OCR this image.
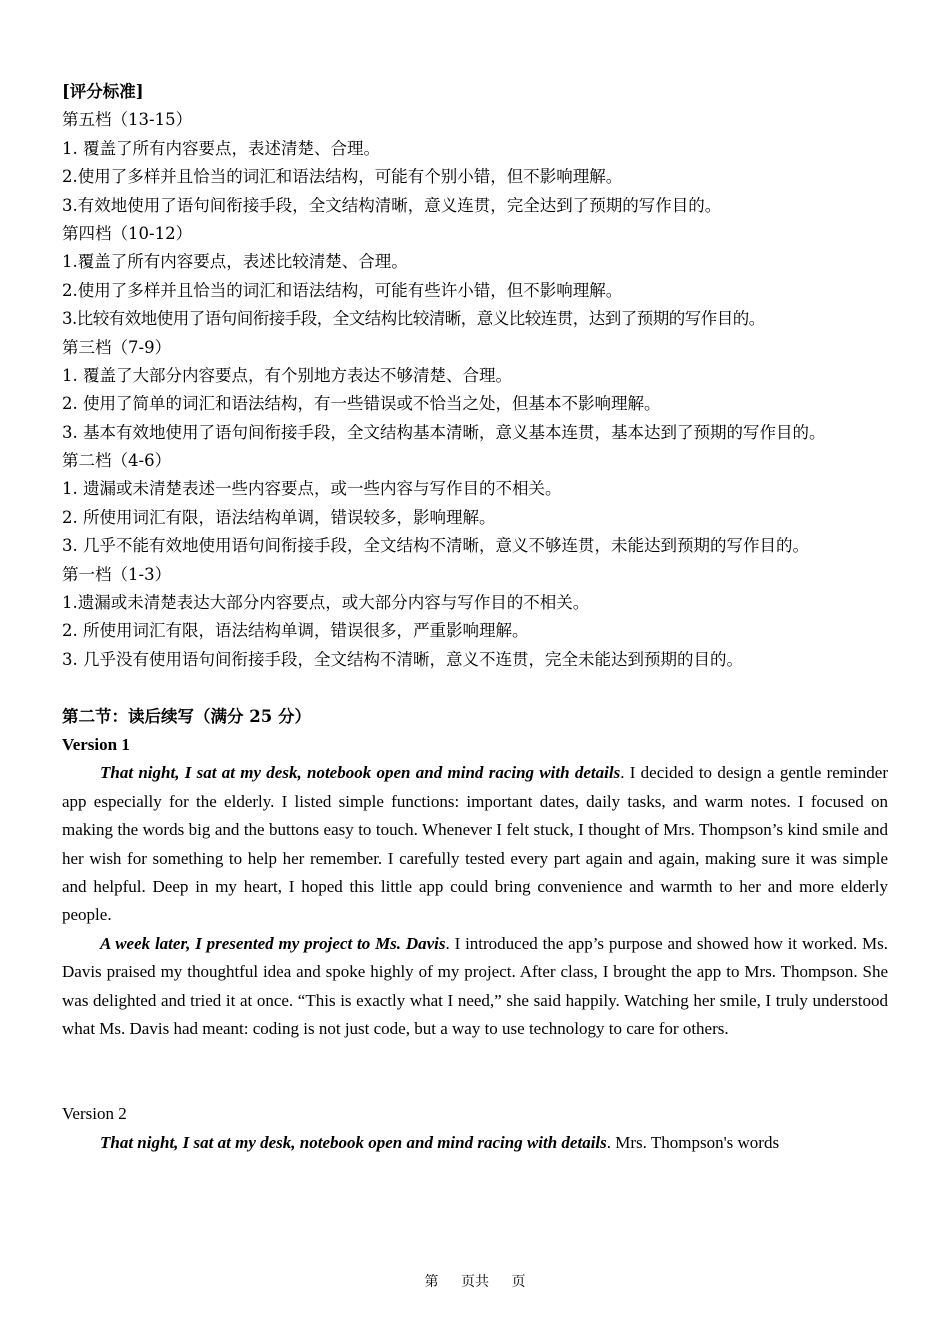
[评分标准]

第五档（13-15）

1. 覆盖了所有内容要点，表述清楚、合理。

2.使用了多样并且恰当的词汇和语法结构，可能有个别小错，但不影响理解。

3.有效地使用了语句间衔接手段，全文结构清晰，意义连贯，完全达到了预期的写作目的。

第四档（10-12）

1.覆盖了所有内容要点，表述比较清楚、合理。

2.使用了多样并且恰当的词汇和语法结构，可能有些许小错，但不影响理解。

3.比较有效地使用了语句间衔接手段，全文结构比较清晰，意义比较连贯，达到了预期的写作目的。

第三档（7-9）

1. 覆盖了大部分内容要点，有个别地方表达不够清楚、合理。

2. 使用了简单的词汇和语法结构，有一些错误或不恰当之处，但基本不影响理解。

3. 基本有效地使用了语句间衔接手段，全文结构基本清晰，意义基本连贯，基本达到了预期的写作目的。

第二档（4-6）

1. 遗漏或未清楚表述一些内容要点，或一些内容与写作目的不相关。

2. 所使用词汇有限，语法结构单调，错误较多，影响理解。

3. 几乎不能有效地使用语句间衔接手段，全文结构不清晰，意义不够连贯，未能达到预期的写作目的。

第一档（1-3）

1.遗漏或未清楚表达大部分内容要点，或大部分内容与写作目的不相关。

2. 所使用词汇有限，语法结构单调，错误很多，严重影响理解。

3. 几乎没有使用语句间衔接手段，全文结构不清晰，意义不连贯，完全未能达到预期的目的。

第二节：读后续写（满分 25 分）

Version 1

That night, I sat at my desk, notebook open and mind racing with details. I decided to design a gentle reminder app especially for the elderly. I listed simple functions: important dates, daily tasks, and warm notes. I focused on making the words big and the buttons easy to touch. Whenever I felt stuck, I thought of Mrs. Thompson’s kind smile and her wish for something to help her remember. I carefully tested every part again and again, making sure it was simple and helpful. Deep in my heart, I hoped this little app could bring convenience and warmth to her and more elderly people.

A week later, I presented my project to Ms. Davis. I introduced the app’s purpose and showed how it worked. Ms. Davis praised my thoughtful idea and spoke highly of my project. After class, I brought the app to Mrs. Thompson. She was delighted and tried it at once. “This is exactly what I need,” she said happily. Watching her smile, I truly understood what Ms. Davis had meant: coding is not just code, but a way to use technology to care for others.

Version 2

That night, I sat at my desk, notebook open and mind racing with details. Mrs. Thompson's words

第 页共 页
